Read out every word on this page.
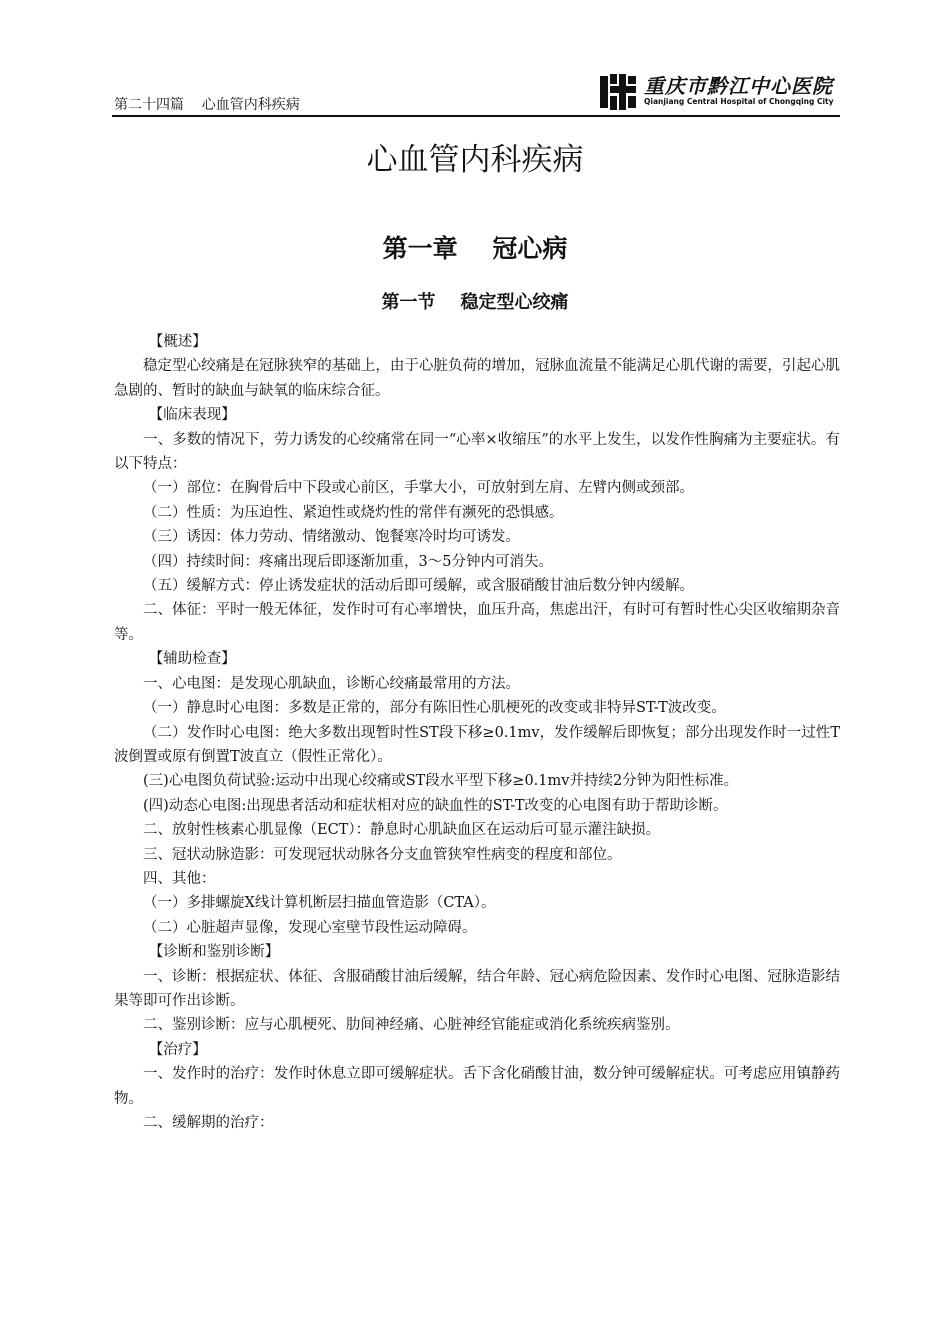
第二十四篇    心血管内科疾病
重庆市黔江中心医院
Qianjiang Central Hospital of Chongqing City
心血管内科疾病
第一章    冠心病
第一节    稳定型心绞痛

【概述】

稳定型心绞痛是在冠脉狭窄的基础上，由于心脏负荷的增加，冠脉血流量不能满足心肌代谢的需要，引起心肌急剧的、暂时的缺血与缺氧的临床综合征。

【临床表现】

一、多数的情况下，劳力诱发的心绞痛常在同一“心率×收缩压”的水平上发生，以发作性胸痛为主要症状。有以下特点：

（一）部位：在胸骨后中下段或心前区，手掌大小，可放射到左肩、左臂内侧或颈部。

（二）性质：为压迫性、紧迫性或烧灼性的常伴有濒死的恐惧感。

（三）诱因：体力劳动、情绪激动、饱餐寒冷时均可诱发。

（四）持续时间：疼痛出现后即逐渐加重，3～5分钟内可消失。

（五）缓解方式：停止诱发症状的活动后即可缓解，或含服硝酸甘油后数分钟内缓解。

二、体征：平时一般无体征，发作时可有心率增快，血压升高，焦虑出汗，有时可有暂时性心尖区收缩期杂音等。

【辅助检查】

一、心电图：是发现心肌缺血，诊断心绞痛最常用的方法。

（一）静息时心电图：多数是正常的，部分有陈旧性心肌梗死的改变或非特异ST-T波改变。

（二）发作时心电图：绝大多数出现暂时性ST段下移≥0.1mv，发作缓解后即恢复；部分出现发作时一过性T波倒置或原有倒置T波直立（假性正常化）。

(三)心电图负荷试验:运动中出现心绞痛或ST段水平型下移≥0.1mv并持续2分钟为阳性标准。

(四)动态心电图:出现患者活动和症状相对应的缺血性的ST-T改变的心电图有助于帮助诊断。

二、放射性核素心肌显像（ECT）：静息时心肌缺血区在运动后可显示灌注缺损。

三、冠状动脉造影：可发现冠状动脉各分支血管狭窄性病变的程度和部位。

四、其他：

（一）多排螺旋X线计算机断层扫描血管造影（CTA）。

（二）心脏超声显像，发现心室壁节段性运动障碍。

【诊断和鉴别诊断】

一、诊断：根据症状、体征、含服硝酸甘油后缓解，结合年龄、冠心病危险因素、发作时心电图、冠脉造影结果等即可作出诊断。

二、鉴别诊断：应与心肌梗死、肋间神经痛、心脏神经官能症或消化系统疾病鉴别。

【治疗】

一、发作时的治疗：发作时休息立即可缓解症状。舌下含化硝酸甘油，数分钟可缓解症状。可考虑应用镇静药物。

二、缓解期的治疗：
